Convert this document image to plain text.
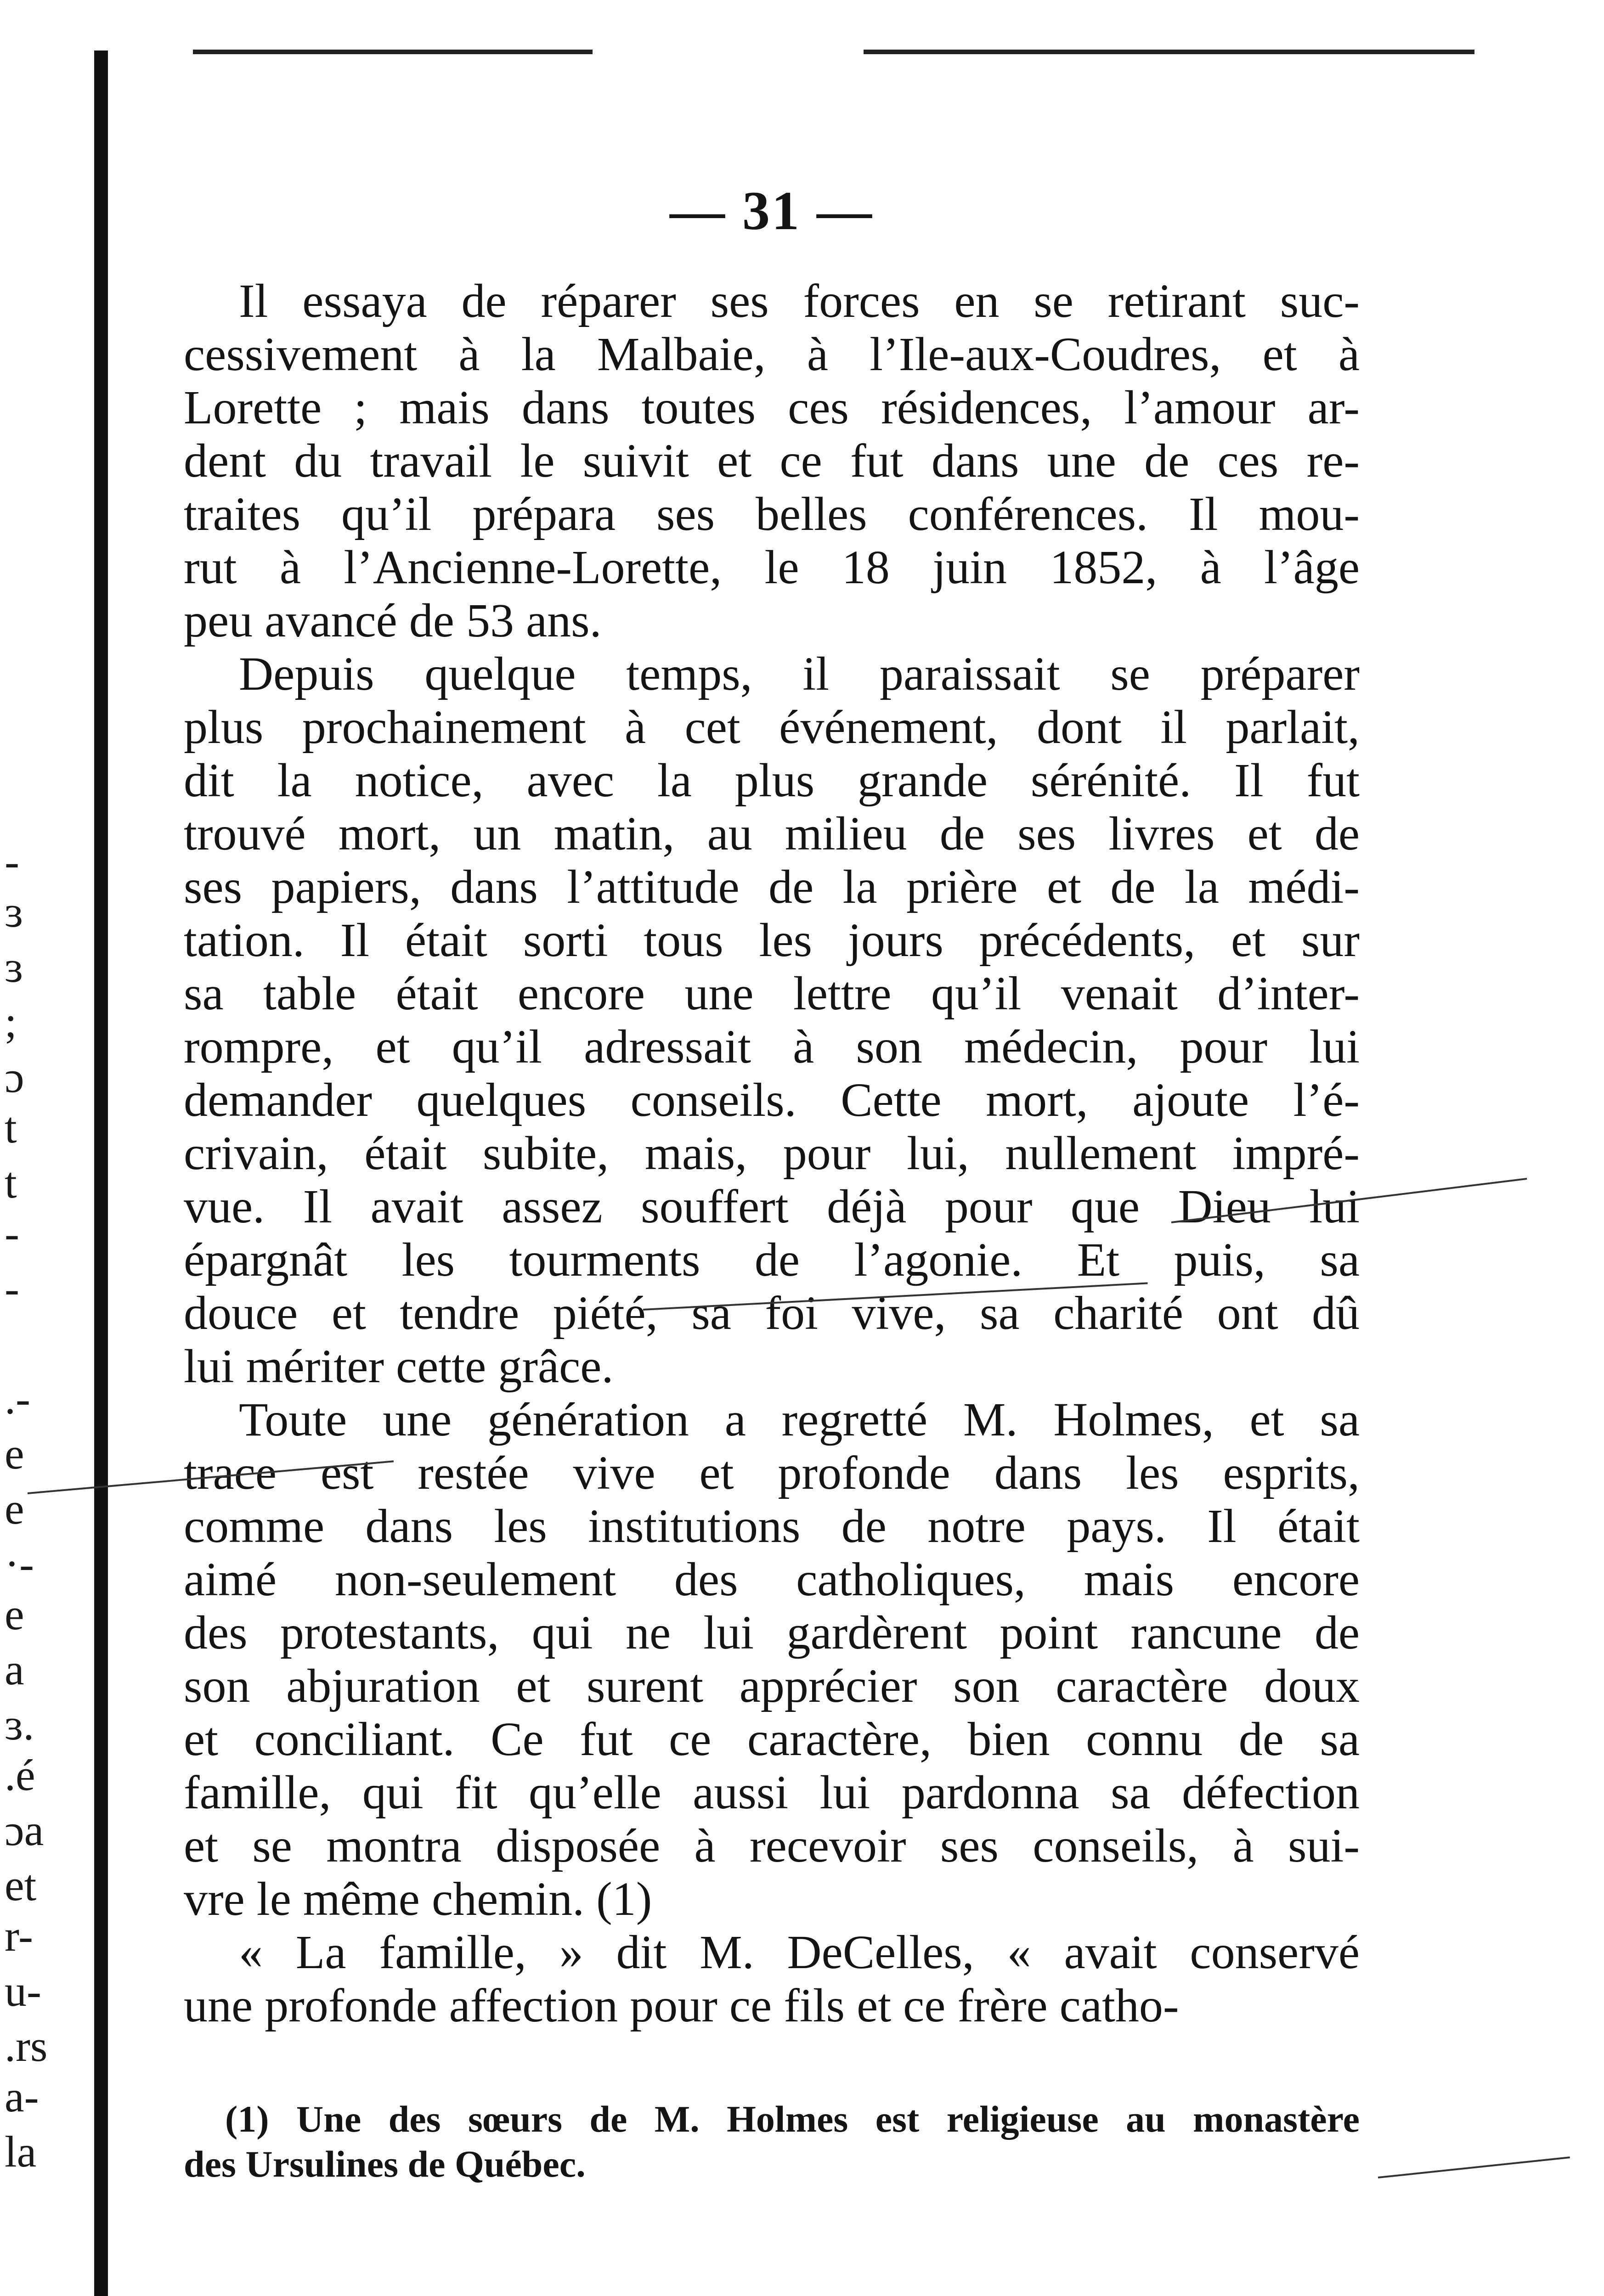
-
ɜ
ɜ
;
ɔ
t
t
-
-
.-
e
e
·-
e
a
ɜ.
.é
ɔa
et
r-
u-
.rs
a-
la
— 31 —
Il essaya de réparer ses forces en se retirant suc-
cessivement à la Malbaie, à l’Ile-aux-Coudres, et à
Lorette ; mais dans toutes ces résidences, l’amour ar-
dent du travail le suivit et ce fut dans une de ces re-
traites qu’il prépara ses belles conférences. Il mou-
rut à l’Ancienne-Lorette, le 18 juin 1852, à l’âge
peu avancé de 53 ans.
Depuis quelque temps, il paraissait se préparer
plus prochainement à cet événement, dont il parlait,
dit la notice, avec la plus grande sérénité. Il fut
trouvé mort, un matin, au milieu de ses livres et de
ses papiers, dans l’attitude de la prière et de la médi-
tation. Il était sorti tous les jours précédents, et sur
sa table était encore une lettre qu’il venait d’inter-
rompre, et qu’il adressait à son médecin, pour lui
demander quelques conseils. Cette mort, ajoute l’é-
crivain, était subite, mais, pour lui, nullement impré-
vue. Il avait assez souffert déjà pour que Dieu lui
épargnât les tourments de l’agonie. Et puis, sa
douce et tendre piété, sa foi vive, sa charité ont dû
lui mériter cette grâce.
Toute une génération a regretté M. Holmes, et sa
trace est restée vive et profonde dans les esprits,
comme dans les institutions de notre pays. Il était
aimé non-seulement des catholiques, mais encore
des protestants, qui ne lui gardèrent point rancune de
son abjuration et surent apprécier son caractère doux
et conciliant. Ce fut ce caractère, bien connu de sa
famille, qui fit qu’elle aussi lui pardonna sa défection
et se montra disposée à recevoir ses conseils, à sui-
vre le même chemin. (1)
« La famille, » dit M. DeCelles, « avait conservé
une profonde affection pour ce fils et ce frère catho-
(1) Une des sœurs de M. Holmes est religieuse au monastère
des Ursulines de Québec.
